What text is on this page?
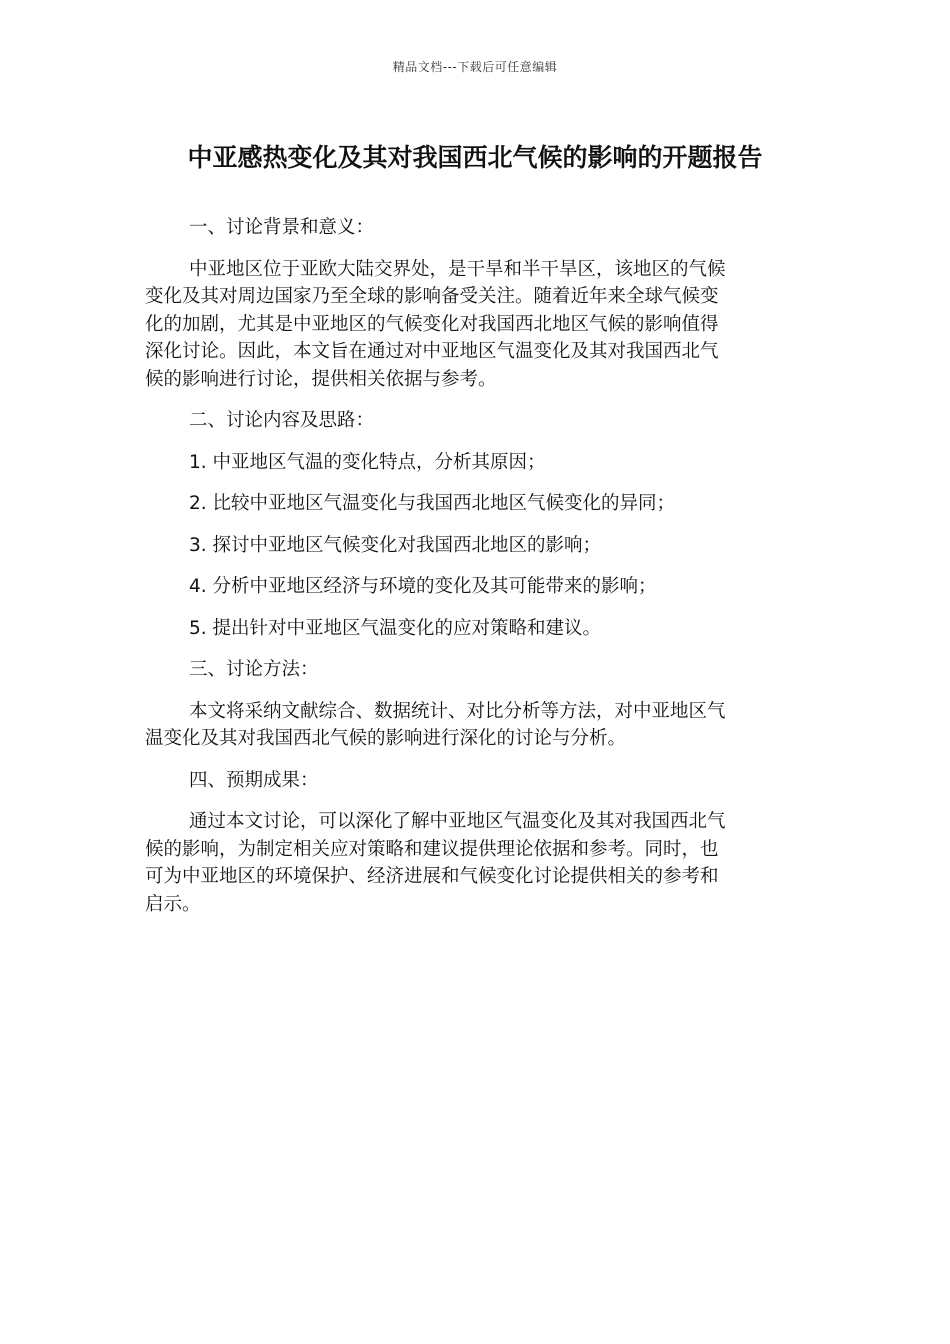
精品文档---下载后可任意编辑
中亚感热变化及其对我国西北气候的影响的开题报告

一、讨论背景和意义：

中亚地区位于亚欧大陆交界处，是干旱和半干旱区，该地区的气候

变化及其对周边国家乃至全球的影响备受关注。随着近年来全球气候变

化的加剧，尤其是中亚地区的气候变化对我国西北地区气候的影响值得

深化讨论。因此，本文旨在通过对中亚地区气温变化及其对我国西北气

候的影响进行讨论，提供相关依据与参考。

二、讨论内容及思路：

1. 中亚地区气温的变化特点，分析其原因；

2. 比较中亚地区气温变化与我国西北地区气候变化的异同；

3. 探讨中亚地区气候变化对我国西北地区的影响；

4. 分析中亚地区经济与环境的变化及其可能带来的影响；

5. 提出针对中亚地区气温变化的应对策略和建议。

三、讨论方法：

本文将采纳文献综合、数据统计、对比分析等方法，对中亚地区气

温变化及其对我国西北气候的影响进行深化的讨论与分析。

四、预期成果：

通过本文讨论，可以深化了解中亚地区气温变化及其对我国西北气

候的影响，为制定相关应对策略和建议提供理论依据和参考。同时，也

可为中亚地区的环境保护、经济进展和气候变化讨论提供相关的参考和

启示。
